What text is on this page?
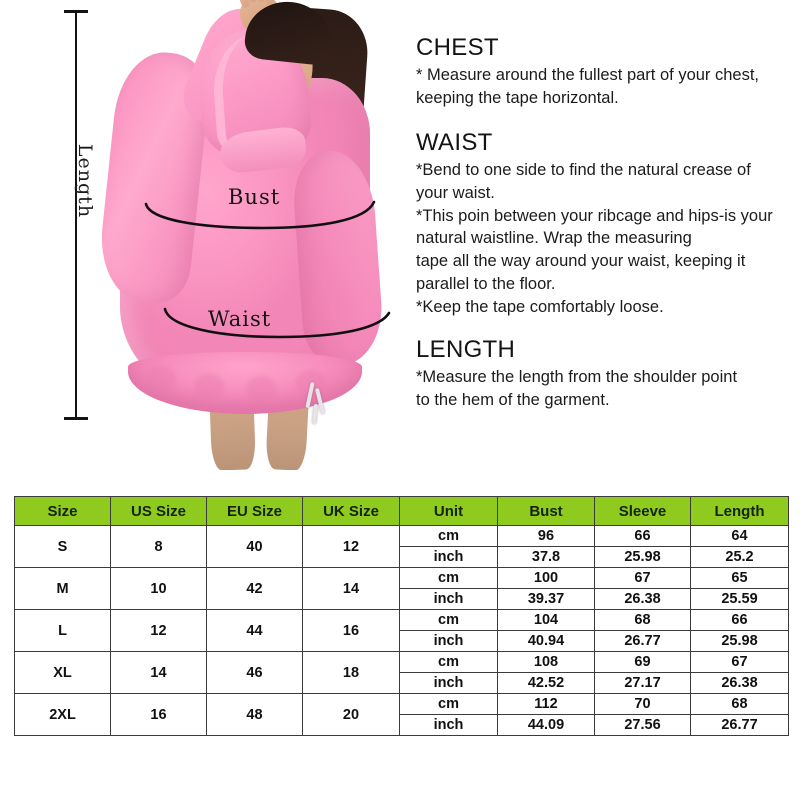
Length	Bust
Waist
CHEST
* Measure around the fullest part of your chest,
keeping the tape horizontal.
WAIST
*Bend to one side to find the natural crease of
your waist.
*This poin between your ribcage and hips-is your
natural waistline. Wrap the measuring
tape all the way around your waist, keeping it
parallel to the floor.
*Keep the tape comfortably loose.
LENGTH
*Measure the length from the shoulder point
to the hem of the garment.
Size	US Size	EU Size	UK Size	Unit	Bust	Sleeve	Length
S	8	40	12	cm	96	66	64
				inch	37.8	25.98	25.2
M	10	42	14	cm	100	67	65
				inch	39.37	26.38	25.59
L	12	44	16	cm	104	68	66
				inch	40.94	26.77	25.98
XL	14	46	18	cm	108	69	67
				inch	42.52	27.17	26.38
2XL	16	48	20	cm	112	70	68
				inch	44.09	27.56	26.77
